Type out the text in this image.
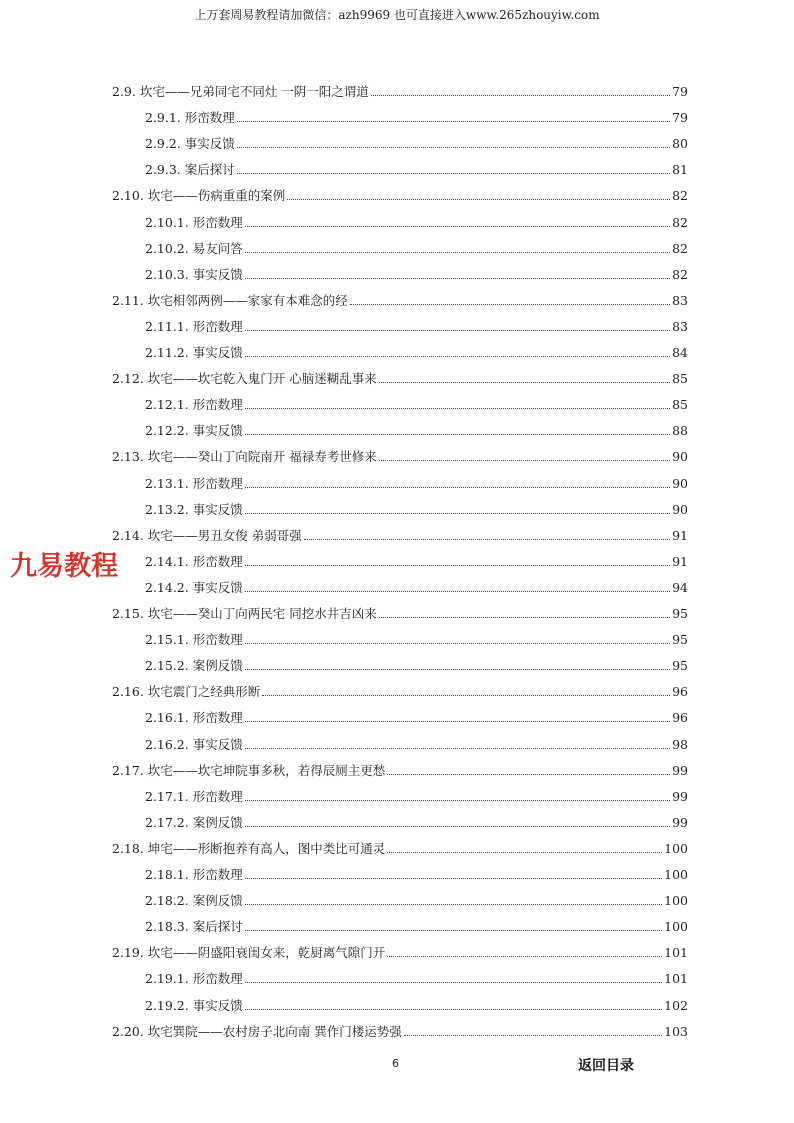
上万套周易教程请加微信：azh9969 也可直接进入www.265zhouyiw.com
2.9. 坎宅——兄弟同宅不同灶 一阴一阳之谓道	79
2.9.1. 形峦数理	79
2.9.2. 事实反馈	80
2.9.3. 案后探讨	81
2.10. 坎宅——伤病重重的案例	82
2.10.1. 形峦数理	82
2.10.2. 易友问答	82
2.10.3. 事实反馈	82
2.11. 坎宅相邻两例——家家有本难念的经	83
2.11.1. 形峦数理	83
2.11.2. 事实反馈	84
2.12. 坎宅——坎宅乾入鬼门开 心脑迷糊乱事来	85
2.12.1. 形峦数理	85
2.12.2. 事实反馈	88
2.13. 坎宅——癸山丁向院南开 福禄寿考世修来	90
2.13.1. 形峦数理	90
2.13.2. 事实反馈	90
2.14. 坎宅——男丑女俊 弟弱哥强	91
2.14.1. 形峦数理	91
2.14.2. 事实反馈	94
2.15. 坎宅——癸山丁向两民宅 同挖水井吉凶来	95
2.15.1. 形峦数理	95
2.15.2. 案例反馈	95
2.16. 坎宅震门之经典形断	96
2.16.1. 形峦数理	96
2.16.2. 事实反馈	98
2.17. 坎宅——坎宅坤院事多秋，若得辰厕主更愁	99
2.17.1. 形峦数理	99
2.17.2. 案例反馈	99
2.18. 坤宅——形断抱养有高人，图中类比可通灵	100
2.18.1. 形峦数理	100
2.18.2. 案例反馈	100
2.18.3. 案后探讨	100
2.19. 坎宅——阴盛阳衰闺女来，乾厨离气隙门开	101
2.19.1. 形峦数理	101
2.19.2. 事实反馈	102
2.20. 坎宅巽院——农村房子北向南 巽作门楼运势强	103
九易教程
6	返回目录
